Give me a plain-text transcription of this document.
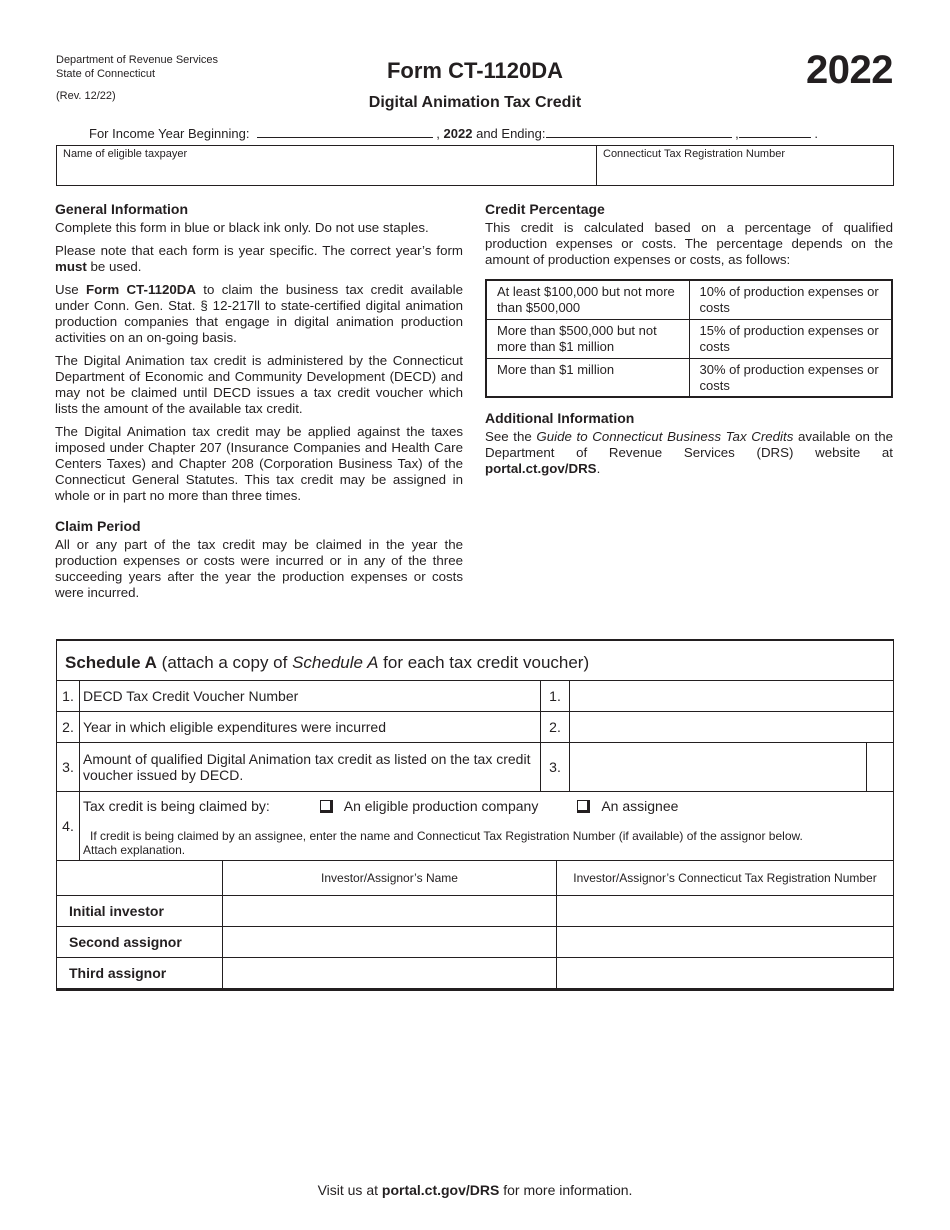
Department of Revenue Services
State of Connecticut
(Rev. 12/22)
Form CT-1120DA
Digital Animation Tax Credit
2022
For Income Year Beginning:	, 2022 and Ending:	,	.
Name of eligible taxpayer	Connecticut Tax Registration Number
General Information

Complete this form in blue or black ink only. Do not use staples.

Please note that each form is year specific. The correct year’s form must be used.

Use Form CT-1120DA to claim the business tax credit available under Conn. Gen. Stat. § 12-217ll to state-certified digital animation production companies that engage in digital animation production activities on an on-going basis.

The Digital Animation tax credit is administered by the Connecticut Department of Economic and Community Development (DECD) and may not be claimed until DECD issues a tax credit voucher which lists the amount of the available tax credit.

The Digital Animation tax credit may be applied against the taxes imposed under Chapter 207 (Insurance Companies and Health Care Centers Taxes) and Chapter 208 (Corporation Business Tax) of the Connecticut General Statutes. This tax credit may be assigned in whole or in part no more than three times.

Claim Period

All or any part of the tax credit may be claimed in the year the production expenses or costs were incurred or in any of the three succeeding years after the year the production expenses or costs were incurred.

Credit Percentage

This credit is calculated based on a percentage of qualified production expenses or costs. The percentage depends on the amount of production expenses or costs, as follows:

At least $100,000 but not more than $500,000	10% of production expenses or costs
More than $500,000 but not more than $1 million	15% of production expenses or costs
More than $1 million	30% of production expenses or costs
Additional Information

See the Guide to Connecticut Business Tax Credits available on the Department of Revenue Services (DRS) website at portal.ct.gov/DRS.

Schedule A (attach a copy of Schedule A for each tax credit voucher)
1. DECD Tax Credit Voucher Number	1.
2. Year in which eligible expenditures were incurred	2.
3. Amount of qualified Digital Animation tax credit as listed on the tax credit voucher issued by DECD.	3.
4.
Tax credit is being claimed by:	An eligible production company	An assignee
If credit is being claimed by an assignee, enter the name and Connecticut Tax Registration Number (if available) of the assignor below.
Attach explanation.
Investor/Assignor’s Name	Investor/Assignor’s Connecticut Tax Registration Number
Initial investor
Second assignor
Third assignor
Visit us at portal.ct.gov/DRS for more information.
